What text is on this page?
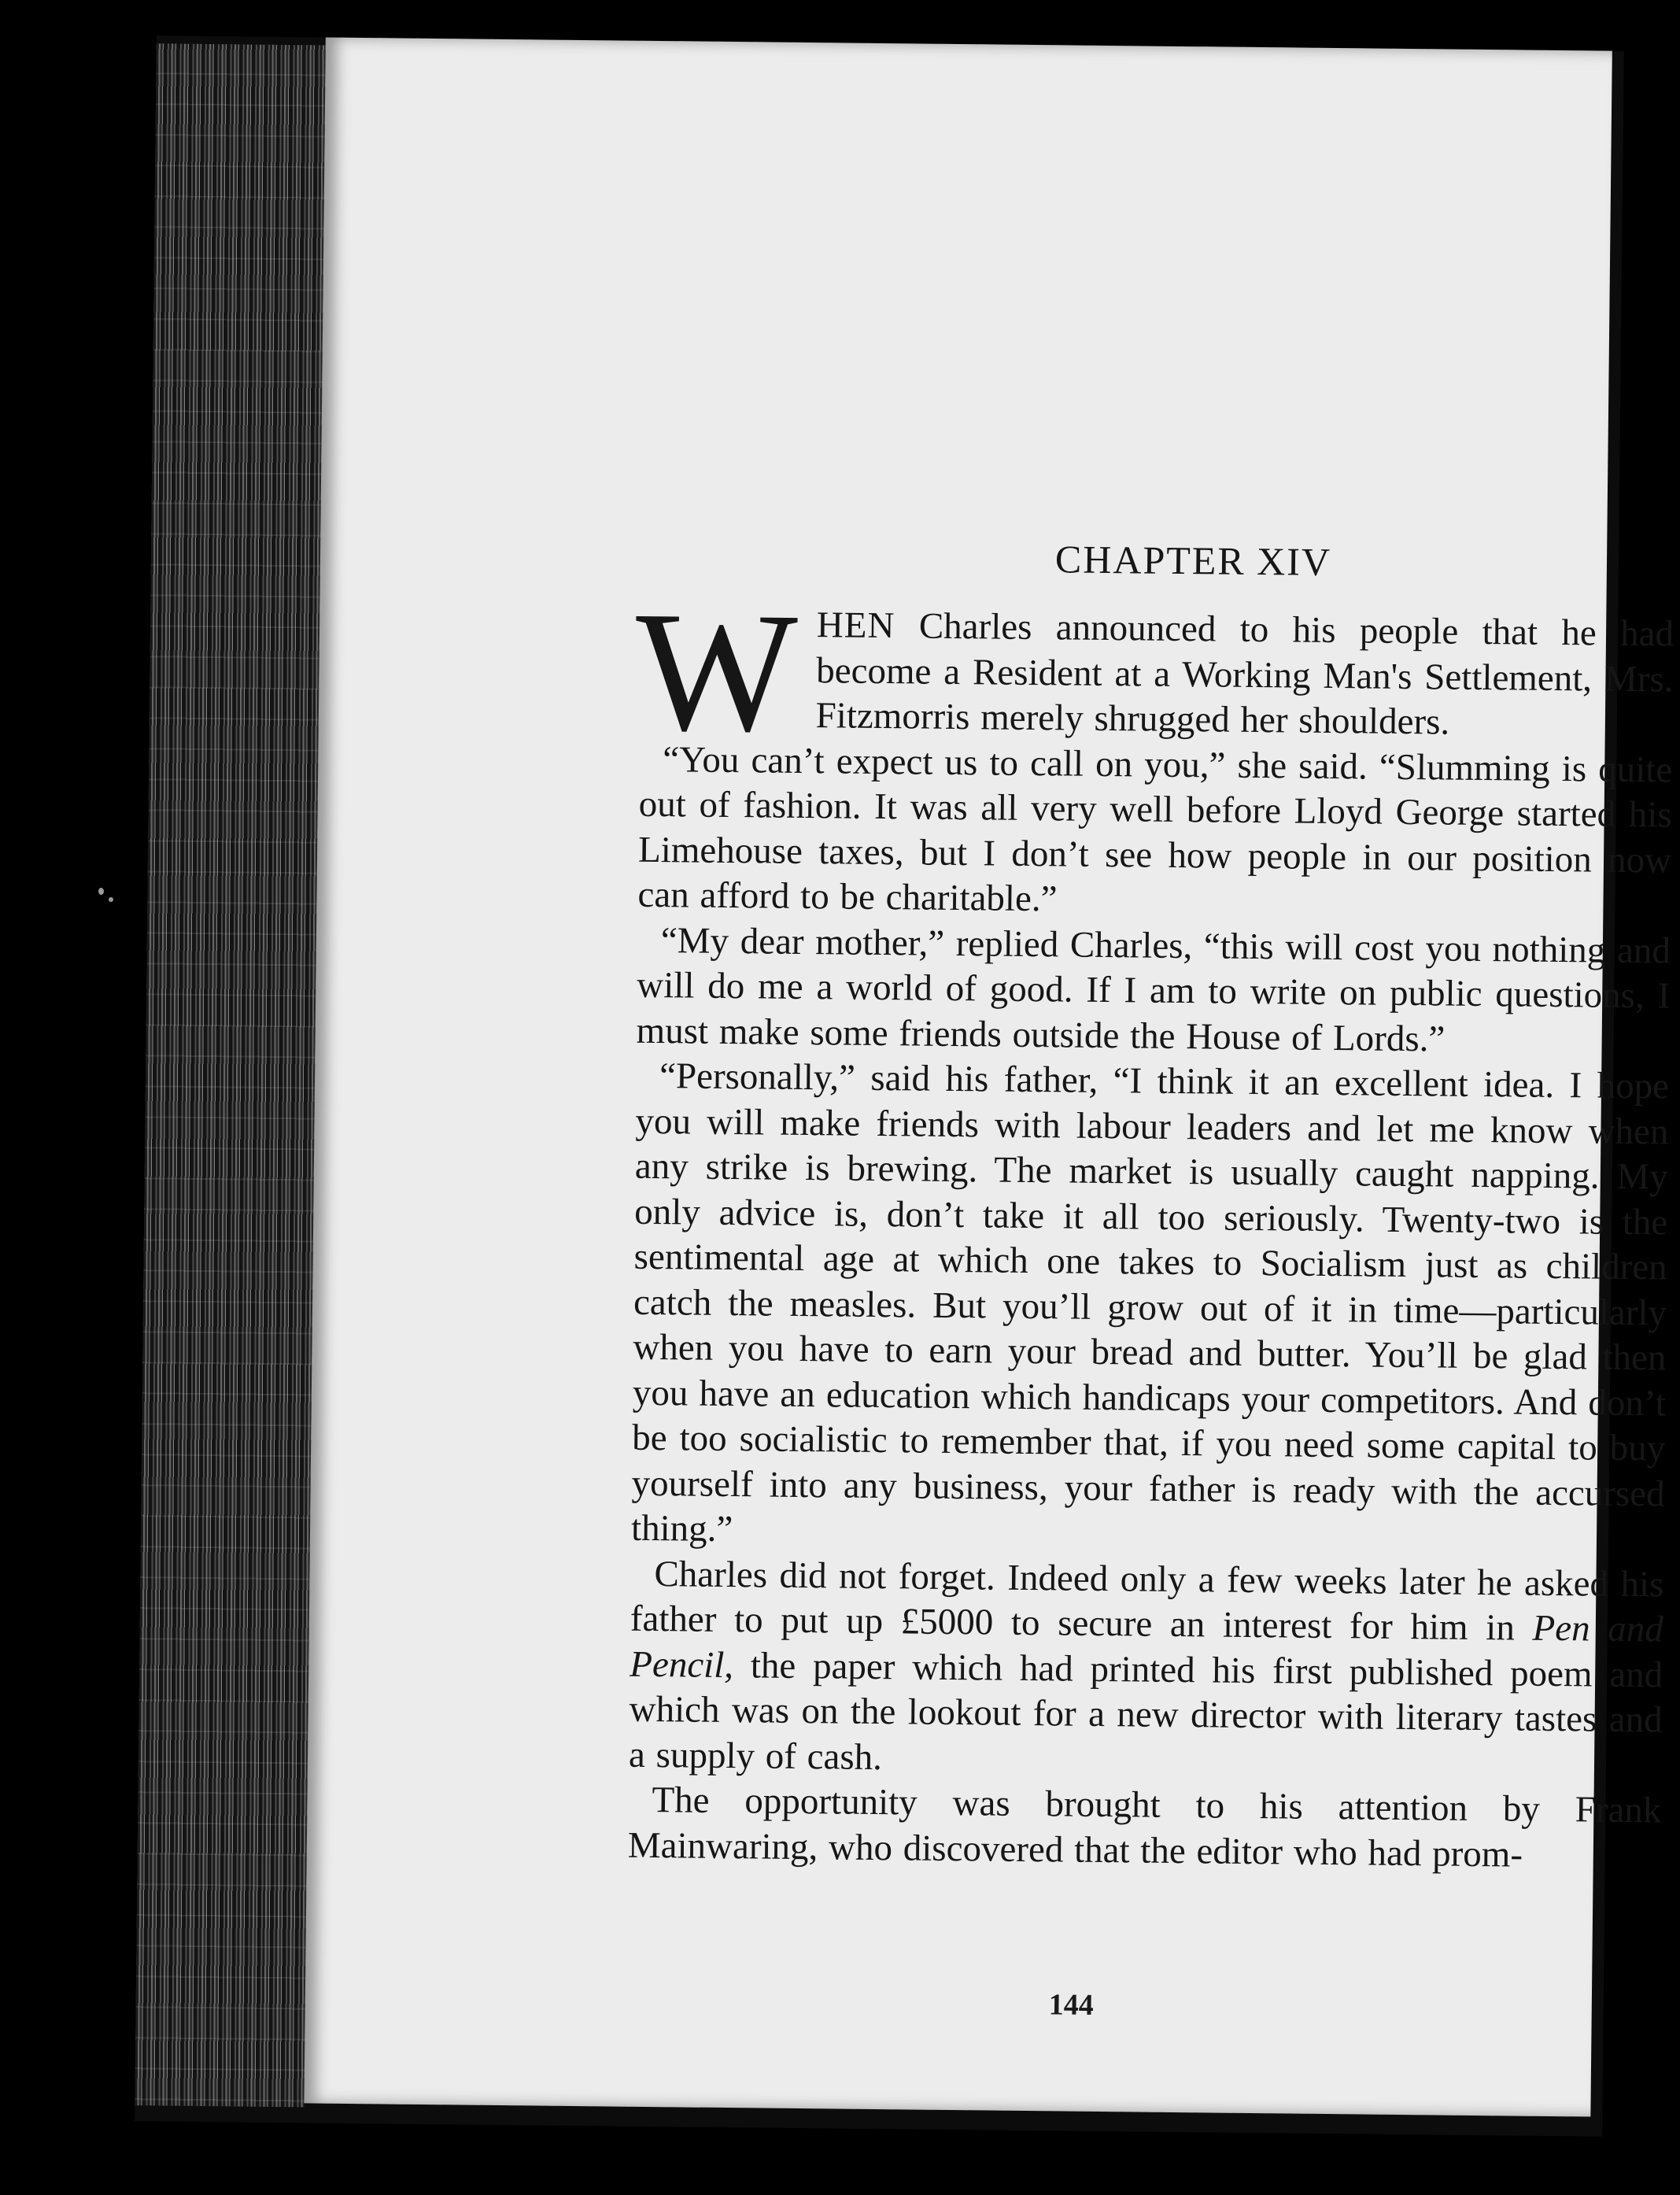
CHAPTER XIV

WHEN Charles announced to his people that he had become a Resident at a Working Man's Settlement, Mrs. Fitzmorris merely shrugged her shoulders.

“You can’t expect us to call on you,” she said. “Slumming is quite out of fashion. It was all very well before Lloyd George started his Limehouse taxes, but I don’t see how people in our position now can afford to be charitable.”

“My dear mother,” replied Charles, “this will cost you nothing and will do me a world of good. If I am to write on public questions, I must make some friends outside the House of Lords.”

“Personally,” said his father, “I think it an excellent idea. I hope you will make friends with labour leaders and let me know when any strike is brewing. The market is usually caught napping. My only advice is, don’t take it all too seriously. Twenty-two is the sentimental age at which one takes to Socialism just as children catch the measles. But you’ll grow out of it in time—particularly when you have to earn your bread and butter. You’ll be glad then you have an education which handicaps your competitors. And don’t be too socialistic to remember that, if you need some capital to buy yourself into any business, your father is ready with the accursed thing.”

Charles did not forget. Indeed only a few weeks later he asked his father to put up £5000 to secure an interest for him in Pen and Pencil, the paper which had printed his first published poem and which was on the lookout for a new director with literary tastes and a supply of cash.

The opportunity was brought to his attention by Frank Mainwaring, who discovered that the editor who had prom-

144
